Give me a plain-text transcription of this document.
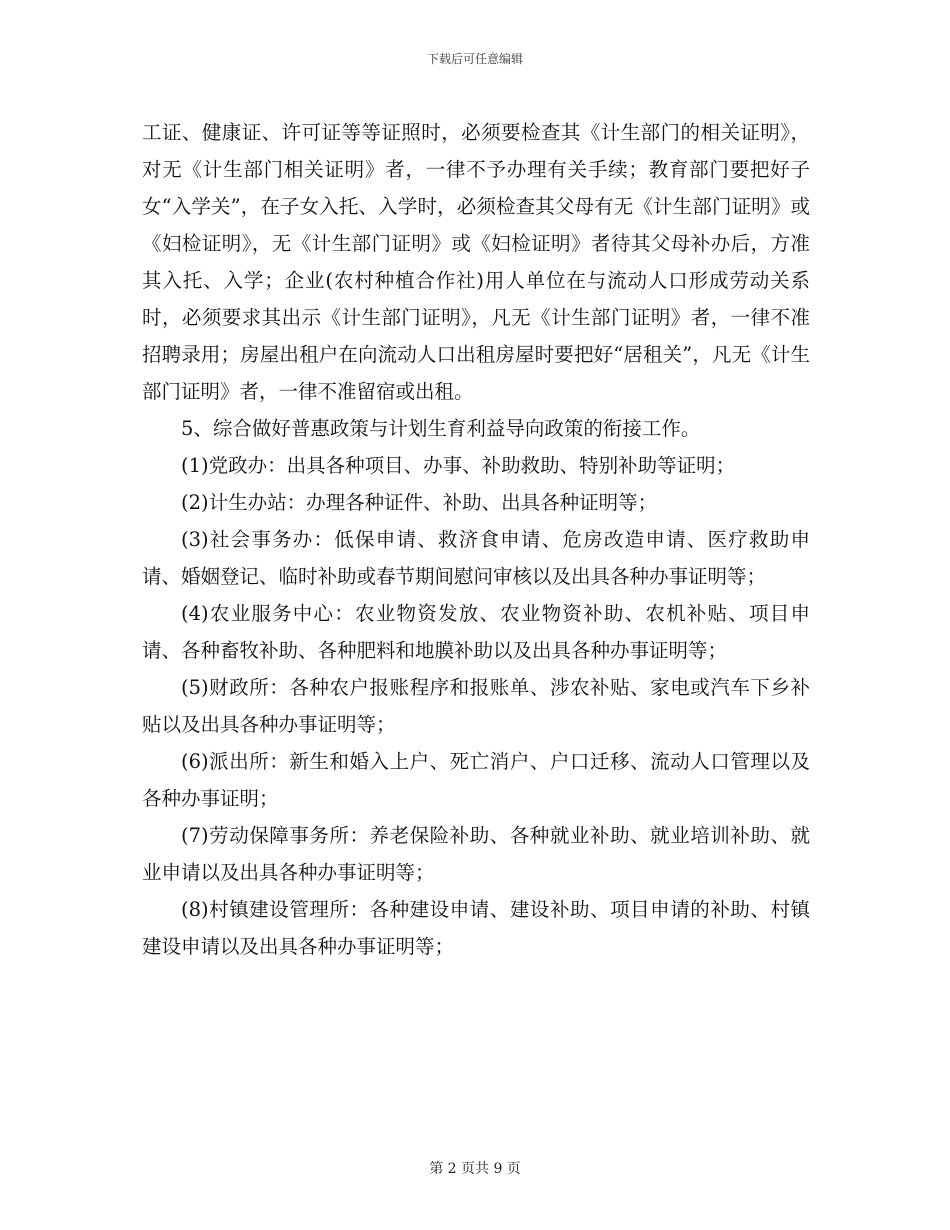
下载后可任意编辑

工证、健康证、许可证等等证照时，必须要检查其《计生部门的相关证明》，对无《计生部门相关证明》者，一律不予办理有关手续；教育部门要把好子女“入学关”，在子女入托、入学时，必须检查其父母有无《计生部门证明》或《妇检证明》，无《计生部门证明》或《妇检证明》者待其父母补办后，方准其入托、入学；企业(农村种植合作社)用人单位在与流动人口形成劳动关系时，必须要求其出示《计生部门证明》，凡无《计生部门证明》者，一律不准招聘录用；房屋出租户在向流动人口出租房屋时要把好“居租关”，凡无《计生部门证明》者，一律不准留宿或出租。

5、综合做好普惠政策与计划生育利益导向政策的衔接工作。

(1)党政办：出具各种项目、办事、补助救助、特别补助等证明；

(2)计生办站：办理各种证件、补助、出具各种证明等；

(3)社会事务办：低保申请、救济食申请、危房改造申请、医疗救助申请、婚姻登记、临时补助或春节期间慰问审核以及出具各种办事证明等；

(4)农业服务中心：农业物资发放、农业物资补助、农机补贴、项目申请、各种畜牧补助、各种肥料和地膜补助以及出具各种办事证明等；

(5)财政所：各种农户报账程序和报账单、涉农补贴、家电或汽车下乡补贴以及出具各种办事证明等；

(6)派出所：新生和婚入上户、死亡消户、户口迁移、流动人口管理以及各种办事证明；

(7)劳动保障事务所：养老保险补助、各种就业补助、就业培训补助、就业申请以及出具各种办事证明等；

(8)村镇建设管理所：各种建设申请、建设补助、项目申请的补助、村镇建设申请以及出具各种办事证明等；

第 2 页共 9 页
